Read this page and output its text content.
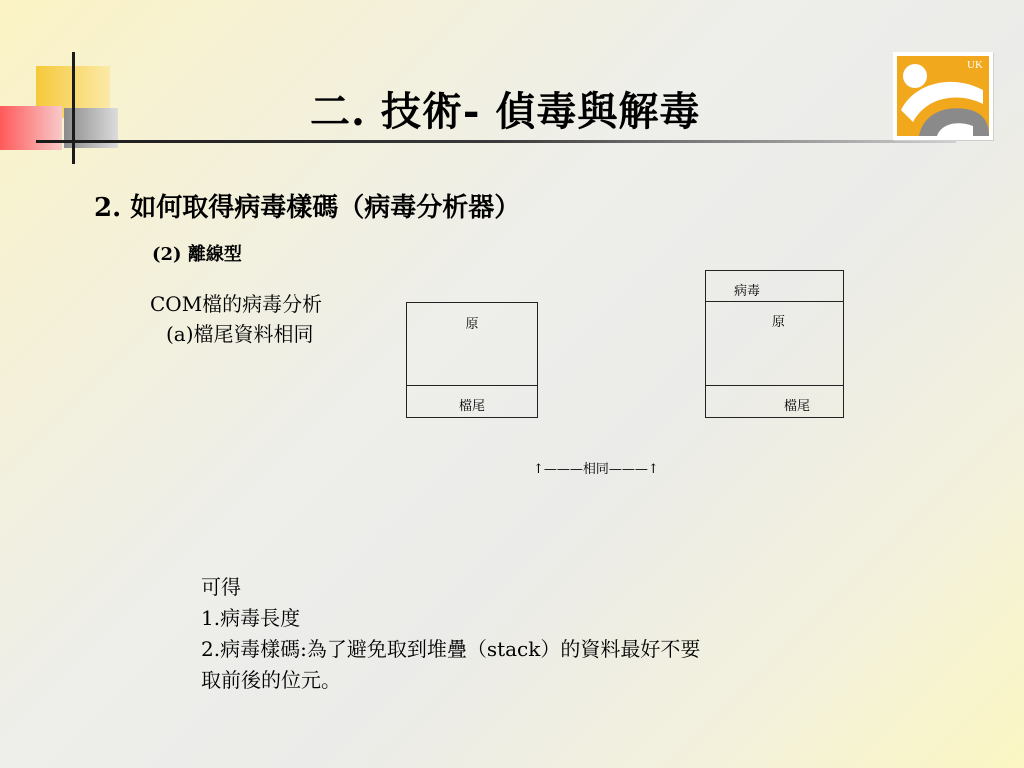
二. 技術- 偵毒與解毒
UK
2. 如何取得病毒樣碼（病毒分析器）
(2) 離線型
COM檔的病毒分析
(a)檔尾資料相同	原
檔尾
病毒
原
檔尾
↑———相同———↑
可得
1.病毒長度
2.病毒樣碼:為了避免取到堆疊（stack）的資料最好不要
取前後的位元。
